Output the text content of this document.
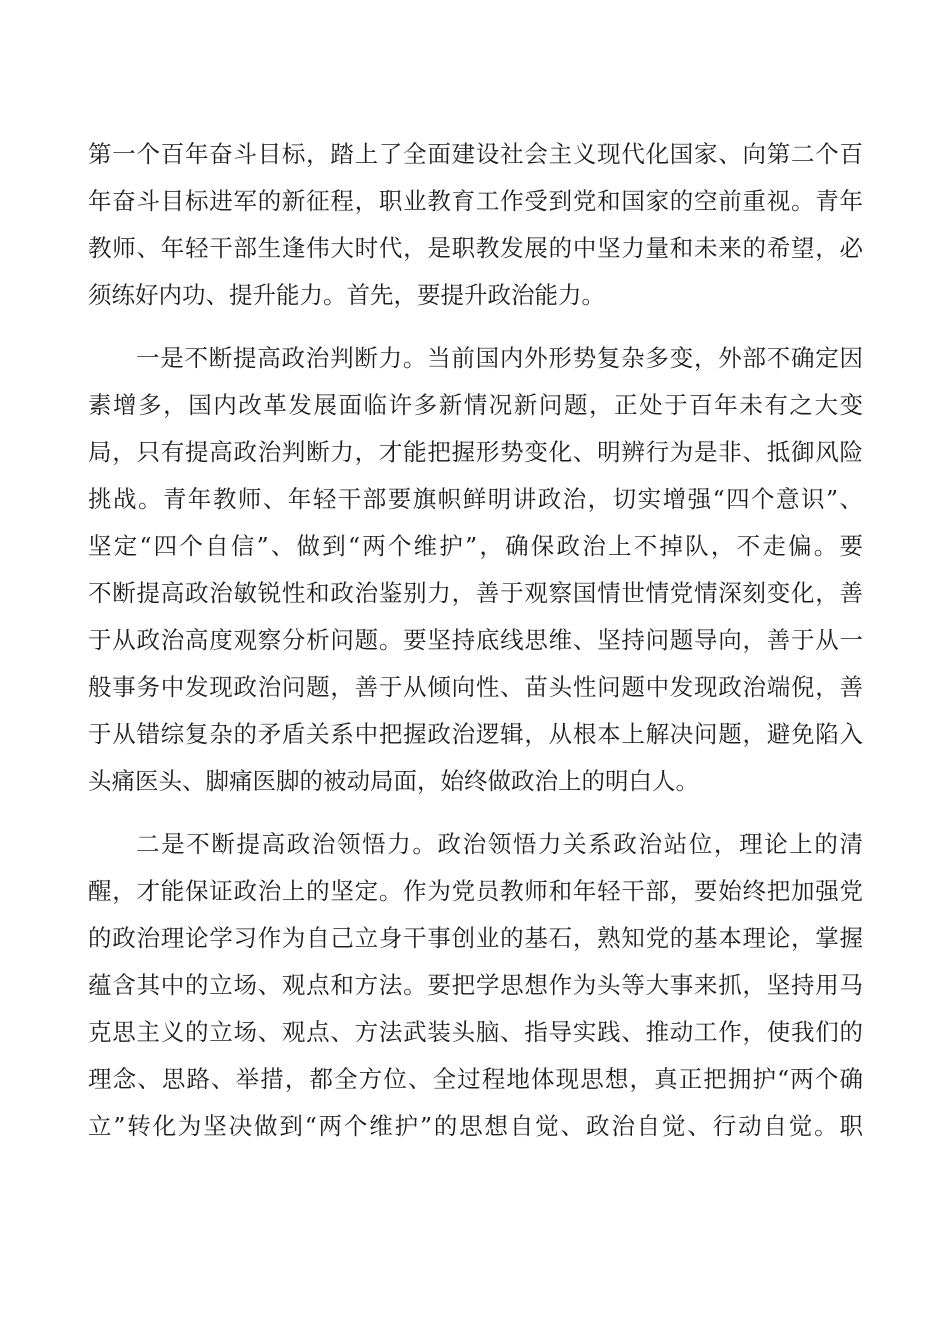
第一个百年奋斗目标，踏上了全面建设社会主义现代化国家、向第二个百
年奋斗目标进军的新征程，职业教育工作受到党和国家的空前重视。青年
教师、年轻干部生逢伟大时代，是职教发展的中坚力量和未来的希望，必
须练好内功、提升能力。首先，要提升政治能力。
一是不断提高政治判断力。当前国内外形势复杂多变，外部不确定因
素增多，国内改革发展面临许多新情况新问题，正处于百年未有之大变
局，只有提高政治判断力，才能把握形势变化、明辨行为是非、抵御风险
挑战。青年教师、年轻干部要旗帜鲜明讲政治，切实增强“四个意识”、
坚定“四个自信”、做到“两个维护”，确保政治上不掉队，不走偏。要
不断提高政治敏锐性和政治鉴别力，善于观察国情世情党情深刻变化，善
于从政治高度观察分析问题。要坚持底线思维、坚持问题导向，善于从一
般事务中发现政治问题，善于从倾向性、苗头性问题中发现政治端倪，善
于从错综复杂的矛盾关系中把握政治逻辑，从根本上解决问题，避免陷入
头痛医头、脚痛医脚的被动局面，始终做政治上的明白人。
二是不断提高政治领悟力。政治领悟力关系政治站位，理论上的清
醒，才能保证政治上的坚定。作为党员教师和年轻干部，要始终把加强党
的政治理论学习作为自己立身干事创业的基石，熟知党的基本理论，掌握
蕴含其中的立场、观点和方法。要把学思想作为头等大事来抓，坚持用马
克思主义的立场、观点、方法武装头脑、指导实践、推动工作，使我们的
理念、思路、举措，都全方位、全过程地体现思想，真正把拥护“两个确
立”转化为坚决做到“两个维护”的思想自觉、政治自觉、行动自觉。职
